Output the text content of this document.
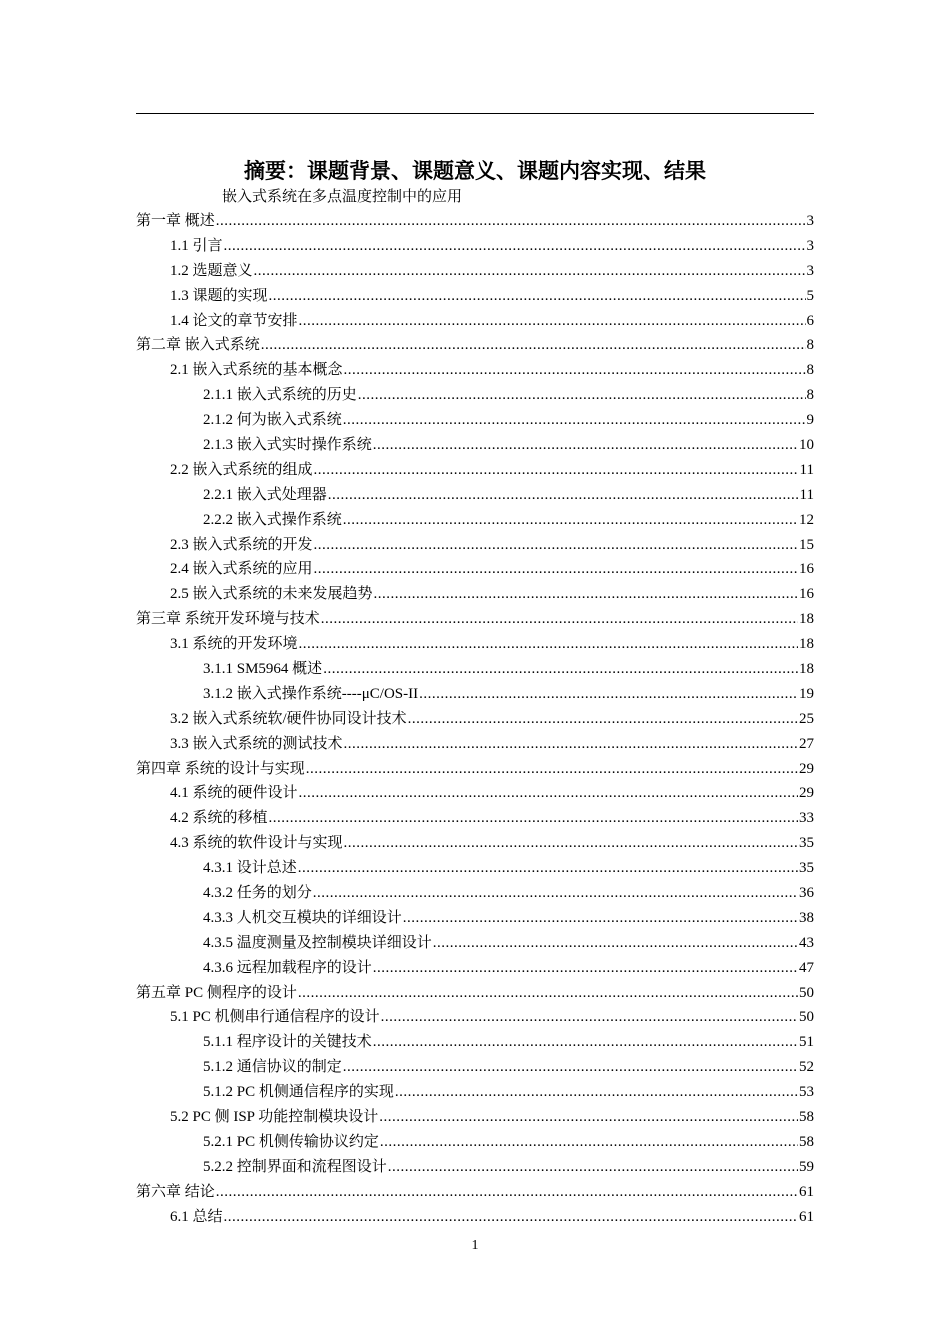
摘要：课题背景、课题意义、课题内容实现、结果
嵌入式系统在多点温度控制中的应用
第一章 概述 .....	3
1.1 引言 .....	3
1.2 选题意义 .....	3
1.3 课题的实现 .....	5
1.4 论文的章节安排 .....	6
第二章 嵌入式系统 .....	8
2.1 嵌入式系统的基本概念 .....	8
2.1.1 嵌入式系统的历史 .....	8
2.1.2 何为嵌入式系统 .....	9
2.1.3 嵌入式实时操作系统 .....	10
2.2 嵌入式系统的组成 .....	11
2.2.1 嵌入式处理器 .....	11
2.2.2 嵌入式操作系统 .....	12
2.3 嵌入式系统的开发 .....	15
2.4 嵌入式系统的应用 .....	16
2.5 嵌入式系统的未来发展趋势 .....	16
第三章 系统开发环境与技术 .....	18
3.1 系统的开发环境 .....	18
3.1.1 SM5964 概述 .....	18
3.1.2 嵌入式操作系统----μC/OS-II .....	19
3.2 嵌入式系统软/硬件协同设计技术 .....	25
3.3 嵌入式系统的测试技术 .....	27
第四章 系统的设计与实现 .....	29
4.1 系统的硬件设计 .....	29
4.2 系统的移植 .....	33
4.3 系统的软件设计与实现 .....	35
4.3.1 设计总述 .....	35
4.3.2 任务的划分 .....	36
4.3.3 人机交互模块的详细设计 .....	38
4.3.5 温度测量及控制模块详细设计 .....	43
4.3.6 远程加载程序的设计 .....	47
第五章 PC 侧程序的设计 .....	50
5.1 PC 机侧串行通信程序的设计 .....	50
5.1.1 程序设计的关键技术 .....	51
5.1.2 通信协议的制定 .....	52
5.1.2 PC 机侧通信程序的实现 .....	53
5.2 PC 侧 ISP 功能控制模块设计 .....	58
5.2.1 PC 机侧传输协议约定 .....	58
5.2.2 控制界面和流程图设计 .....	59
第六章 结论 .....	61
6.1 总结 .....	61
1
